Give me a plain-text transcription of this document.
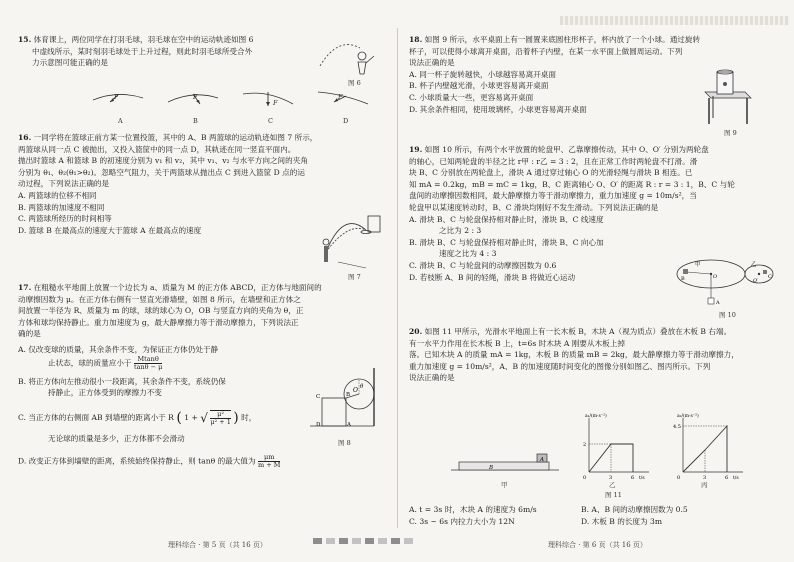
15. 体育课上，两位同学在打羽毛球，羽毛球在空中的运动轨迹如图 6

中虚线所示，某时刻羽毛球处于上升过程，则此时羽毛球所受合外

力示意图可能正确的是

图 6
F	F
F
F
A	B	C	D

16. 一同学将在篮球正前方某一位置投篮，其中的 A、B 两篮球的运动轨迹如图 7 所示，

两篮球从同一点 C 被抛出，又投入篮筐中的同一点 D，其轨迹在同一竖直平面内。

抛出时篮球 A 和篮球 B 的初速度分别为 v₁ 和 v₂，其中 v₁、v₂ 与水平方向之间的夹角

分别为 θ₁、θ₂(θ₁>θ₂)。忽略空气阻力，关于两篮球从抛出点 C 到进入篮筐 D 点的运

动过程，下列说法正确的是

A. 两篮球的位移不相同

B. 两篮球的加速度不相同

C. 两篮球所经历的时间相等

D. 篮球 B 在最高点的速度大于篮球 A 在最高点的速度

图 7

17. 在粗糙水平地面上放置一个边长为 a、质量为 M 的正方体 ABCD，正方体与地面间的

动摩擦因数为 μ。在正方体右侧有一竖直光滑墙壁，如图 8 所示，在墙壁和正方体之

间放置一半径为 R、质量为 m 的球，球的球心为 O，OB 与竖直方向的夹角为 θ，正

方体和球均保持静止。重力加速度为 g，最大静摩擦力等于滑动摩擦力，下列说法正

确的是

A. 仅改变球的质量，其余条件不变，为保证正方体仍处于静

止状态，球的质量应小于 $\frac{Mtan\theta}{\tan\theta - \mu}$

B. 将正方体向左推动很小一段距离，其余条件不变，系统仍保

持静止，正方体受到的摩擦力不变

C. 当正方体的右侧面 AB 到墙壁的距离小于 R ( 1 + √ $\frac{\text{μ²}}{\text{μ² + 1}}$ ) 时，

无论球的质量是多少，正方体都不会滑动

D. 改变正方体到墙壁的距离，系统始终保持静止，则 tanθ 的最大值为 $\frac{\mu m}{m + M}$

O θ
B
C
D	A
图 8
理科综合 · 第 5 页（共 16 页）

18. 如图 9 所示，水平桌面上有一圆置来底圆柱形杯子，杯内放了一个小球。通过旋转

杯子，可以使得小球离开桌面，沿着杯子内壁，在某一水平面上做圆周运动。下列

说法正确的是

A. 同一杯子旋转越快，小球越容易离开桌面

B. 杯子内壁越光滑，小球更容易离开桌面

C. 小球质量大一些，更容易离开桌面

D. 其余条件相同，使用玻璃杯，小球更容易离开桌面

图 9

19. 如图 10 所示，有两个水平放置的轮盘甲、乙靠摩擦传动，其中 O、O′ 分别为两轮盘

的轴心，已知两轮盘的半径之比 r甲 : r乙 = 3 : 2，且在正常工作时两轮盘不打滑。滑

块 B、C 分别放在两轮盘上，滑块 A 通过穿过轴心 O 的光滑轻绳与滑块 B 相连。已

知 mA = 0.2kg，mB = mC = 1kg，B、C 距离轴心 O、O′ 的距离 R : r = 3 : 1，B、C 与轮

盘间的动摩擦因数相同，最大静摩擦力等于滑动摩擦力，重力加速度 g = 10m/s²，当

轮盘甲以某速度转动时，B、C 滑块均刚好不发生滑动。下列说法正确的是

A. 滑块 B、C 与轮盘保持相对静止时，滑块 B、C 线速度

之比为 2 : 3

B. 滑块 B、C 与轮盘保持相对静止时，滑块 B、C 向心加

速度之比为 4 : 3

C. 滑块 B、C 与轮盘间的动摩擦因数为 0.6

D. 若枝断 A、B 间的轻绳，滑块 B 将做近心运动

甲	乙
O
O′
B	C
A
图 10

20. 如图 11 甲所示，光滑水平地面上有一长木板 B，木块 A（视为质点）叠放在木板 B 右端。

有一水平力作用在长木板 B 上，t=6s 时木块 A 刚要从木板上掉

落。已知木块 A 的质量 mA = 1kg，木板 B 的质量 mB = 2kg，最大静摩擦力等于滑动摩擦力，

重力加速度 g = 10m/s²，A、B 的加速度随时间变化的图像分别如图乙、图丙所示。下列

说法正确的是

B
A
甲
2
0	3	6 t/s
a₁/(m·s⁻²)
乙
4.5
0	3	6 t/s
a₂/(m·s⁻²)
丙
图 11

A. t = 3s 时，木块 A 的速度为 6m/s	B. A、B 间的动摩擦因数为 0.5

C. 3s ~ 6s 内拉力大小为 12N	D. 木板 B 的长度为 3m

理科综合 · 第 6 页（共 16 页）
